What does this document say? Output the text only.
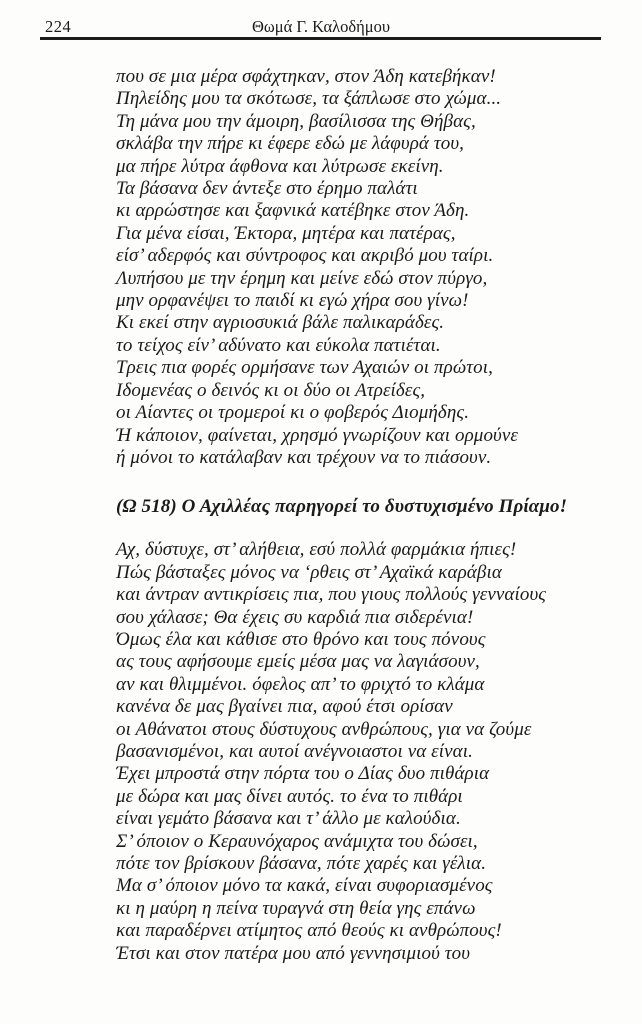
224	Θωμά Γ. Καλοδήμου
που σε μια μέρα σφάχτηκαν, στον Άδη κατεβήκαν!
Πηλείδης μου τα σκότωσε, τα ξάπλωσε στο χώμα...
Τη μάνα μου την άμοιρη, βασίλισσα της Θήβας,
σκλάβα την πήρε κι έφερε εδώ με λάφυρά του,
μα πήρε λύτρα άφθονα και λύτρωσε εκείνη.
Τα βάσανα δεν άντεξε στο έρημο παλάτι
κι αρρώστησε και ξαφνικά κατέβηκε στον Άδη.
Για μένα είσαι, Έκτορα, μητέρα και πατέρας,
είσ’ αδερφός και σύντροφος και ακριβό μου ταίρι.
Λυπήσου με την έρημη και μείνε εδώ στον πύργο,
μην ορφανέψει το παιδί κι εγώ χήρα σου γίνω!
Κι εκεί στην αγριοσυκιά βάλε παλικαράδες.
το τείχος είν’ αδύνατο και εύκολα πατιέται.
Τρεις πια φορές ορμήσανε των Αχαιών οι πρώτοι,
Ιδομενέας ο δεινός κι οι δύο οι Ατρείδες,
οι Αίαντες οι τρομεροί κι ο φοβερός Διομήδης.
Ή κάποιον, φαίνεται, χρησμό γνωρίζουν και ορμούνε
ή μόνοι το κατάλαβαν και τρέχουν να το πιάσουν.
(Ω 518) Ο Αχιλλέας παρηγορεί το δυστυχισμένο Πρίαμο!
Αχ, δύστυχε, στ’ αλήθεια, εσύ πολλά φαρμάκια ήπιες!
Πώς βάσταξες μόνος να ‘ρθεις στ’ Αχαϊκά καράβια
και άντραν αντικρίσεις πια, που γιους πολλούς γενναίους
σου χάλασε; Θα έχεις συ καρδιά πια σιδερένια!
Όμως έλα και κάθισε στο θρόνο και τους πόνους
ας τους αφήσουμε εμείς μέσα μας να λαγιάσουν,
αν και θλιμμένοι. όφελος απ’ το φριχτό το κλάμα
κανένα δε μας βγαίνει πια, αφού έτσι ορίσαν
οι Αθάνατοι στους δύστυχους ανθρώπους, για να ζούμε
βασανισμένοι, και αυτοί ανέγνοιαστοι να είναι.
Έχει μπροστά στην πόρτα του ο Δίας δυο πιθάρια
με δώρα και μας δίνει αυτός. το ένα το πιθάρι
είναι γεμάτο βάσανα και τ’ άλλο με καλούδια.
Σ’ όποιον ο Κεραυνόχαρος ανάμιχτα του δώσει,
πότε τον βρίσκουν βάσανα, πότε χαρές και γέλια.
Μα σ’ όποιον μόνο τα κακά, είναι συφοριασμένος
κι η μαύρη η πείνα τυραγνά στη θεία γης επάνω
και παραδέρνει ατίμητος από θεούς κι ανθρώπους!
Έτσι και στον πατέρα μου από γεννησιμιού του
